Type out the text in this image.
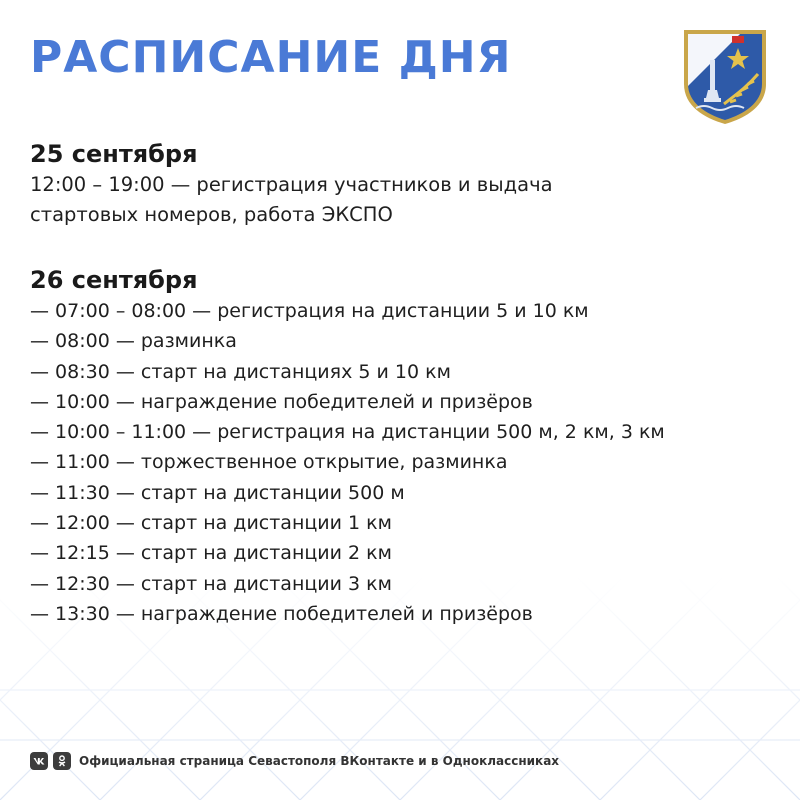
РАСПИСАНИЕ ДНЯ
25 сентября
12:00 – 19:00 — регистрация участников и выдача
стартовых номеров, работа ЭКСПО
26 сентября
— 07:00 – 08:00 — регистрация на дистанции 5 и 10 км
— 08:00 — разминка
— 08:30 — старт на дистанциях 5 и 10 км
— 10:00 — награждение победителей и призёров
— 10:00 – 11:00 — регистрация на дистанции 500 м, 2 км, 3 км
— 11:00 — торжественное открытие, разминка
— 11:30 — старт на дистанции 500 м
— 12:00 — старт на дистанции 1 км
— 12:15 — старт на дистанции 2 км
— 12:30 — старт на дистанции 3 км
— 13:30 — награждение победителей и призёров
Официальная страница Севастополя ВКонтакте и в Одноклассниках
